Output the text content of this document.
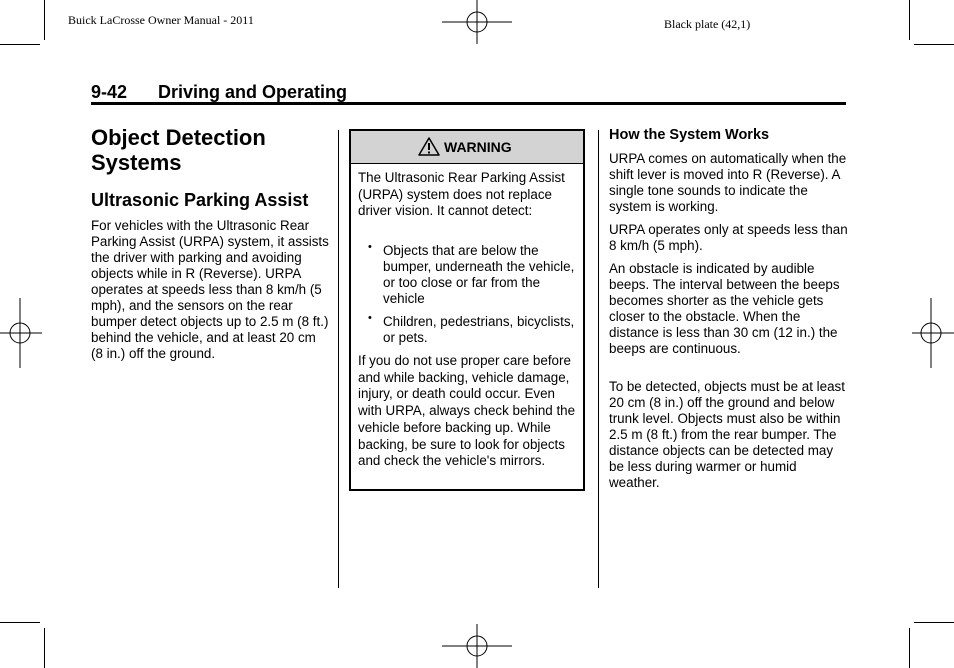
Buick LaCrosse Owner Manual - 2011	Black plate (42,1)
9-42 Driving and Operating
Object Detection Systems
Ultrasonic Parking Assist

For vehicles with the Ultrasonic Rear Parking Assist (URPA) system, it assists the driver with parking and avoiding objects while in R (Reverse). URPA operates at speeds less than 8 km/h (5 mph), and the sensors on the rear bumper detect objects up to 2.5 m (8 ft.) behind the vehicle, and at least 20 cm (8 in.) off the ground.

WARNING

The Ultrasonic Rear Parking Assist (URPA) system does not replace driver vision. It cannot detect:

• Objects that are below the bumper, underneath the vehicle, or too close or far from the vehicle

• Children, pedestrians, bicyclists, or pets.

If you do not use proper care before and while backing, vehicle damage, injury, or death could occur. Even with URPA, always check behind the vehicle before backing up. While backing, be sure to look for objects and check the vehicle's mirrors.

How the System Works

URPA comes on automatically when the shift lever is moved into R (Reverse). A single tone sounds to indicate the system is working.

URPA operates only at speeds less than 8 km/h (5 mph).

An obstacle is indicated by audible beeps. The interval between the beeps becomes shorter as the vehicle gets closer to the obstacle. When the distance is less than 30 cm (12 in.) the beeps are continuous.

To be detected, objects must be at least 20 cm (8 in.) off the ground and below trunk level. Objects must also be within 2.5 m (8 ft.) from the rear bumper. The distance objects can be detected may be less during warmer or humid weather.
